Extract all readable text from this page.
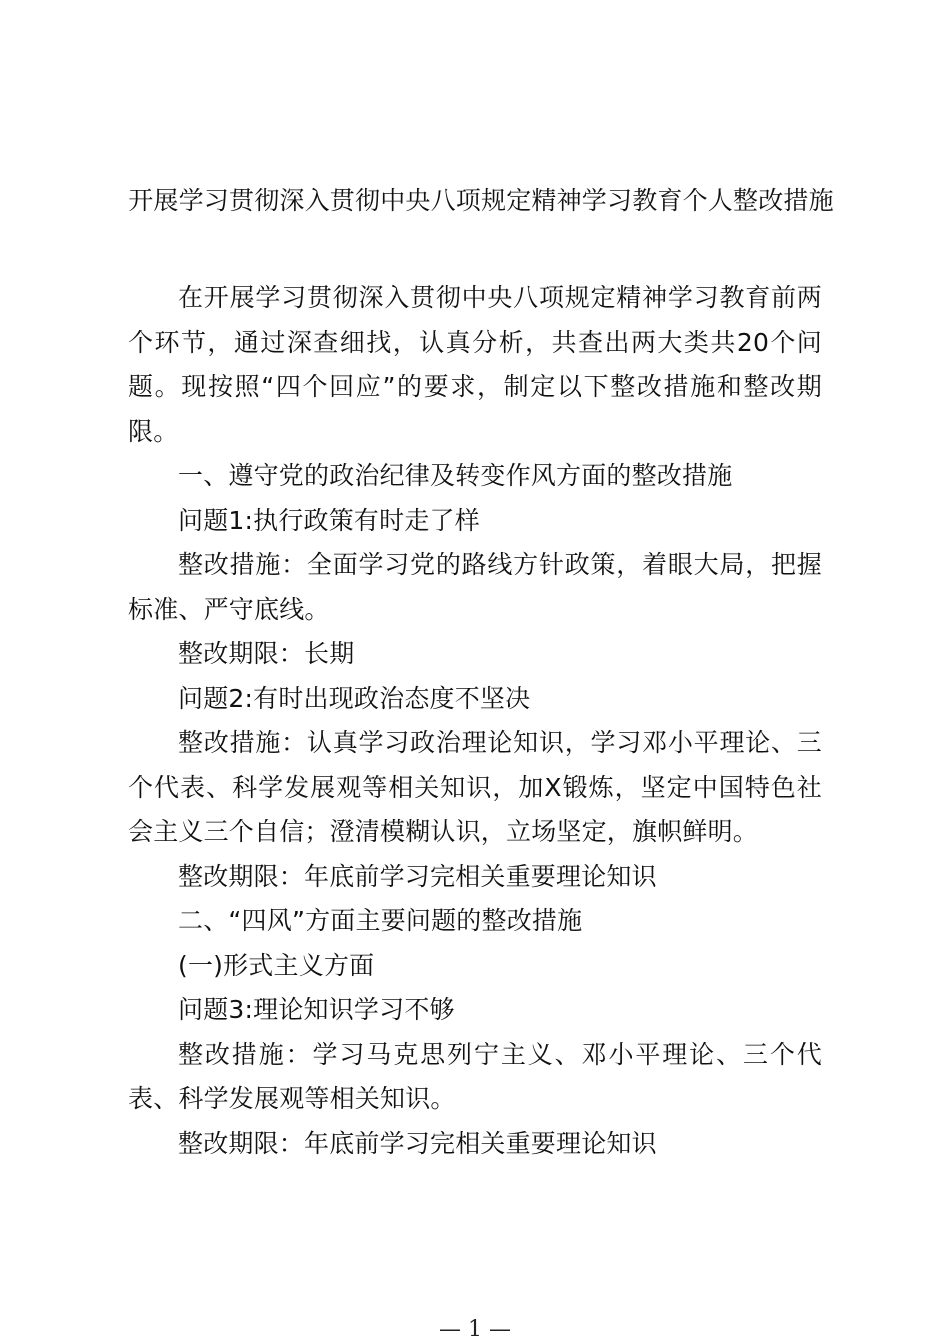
开展学习贯彻深入贯彻中央八项规定精神学习教育个人整改措施

在开展学习贯彻深入贯彻中央八项规定精神学习教育前两个环节，通过深查细找，认真分析，共查出两大类共20个问题。现按照“四个回应”的要求，制定以下整改措施和整改期限。

一、遵守党的政治纪律及转变作风方面的整改措施

问题1:执行政策有时走了样

整改措施：全面学习党的路线方针政策，着眼大局，把握标准、严守底线。

整改期限：长期

问题2:有时出现政治态度不坚决

整改措施：认真学习政治理论知识，学习邓小平理论、三个代表、科学发展观等相关知识，加X锻炼，坚定中国特色社会主义三个自信；澄清模糊认识，立场坚定，旗帜鲜明。

整改期限：年底前学习完相关重要理论知识

二、“四风”方面主要问题的整改措施

(一)形式主义方面

问题3:理论知识学习不够

整改措施：学习马克思列宁主义、邓小平理论、三个代表、科学发展观等相关知识。

整改期限：年底前学习完相关重要理论知识

— 1 —
